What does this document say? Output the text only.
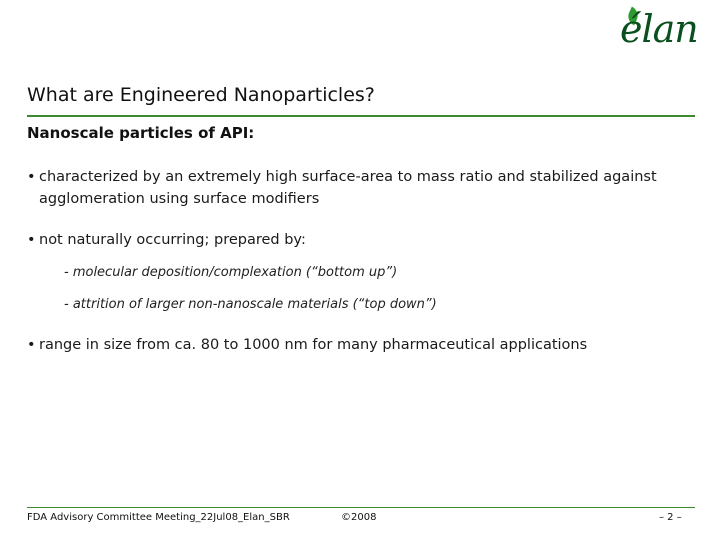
élan
What are Engineered Nanoparticles?
Nanoscale particles of API:
• characterized by an extremely high surface-area to mass ratio and stabilized against agglomeration using surface modifiers
• not naturally occurring; prepared by:
- molecular deposition/complexation (“bottom up”)
- attrition of larger non-nanoscale materials (“top down”)
• range in size from ca. 80 to 1000 nm for many pharmaceutical applications
FDA Advisory Committee Meeting_22Jul08_Elan_SBR	©2008	– 2 –
